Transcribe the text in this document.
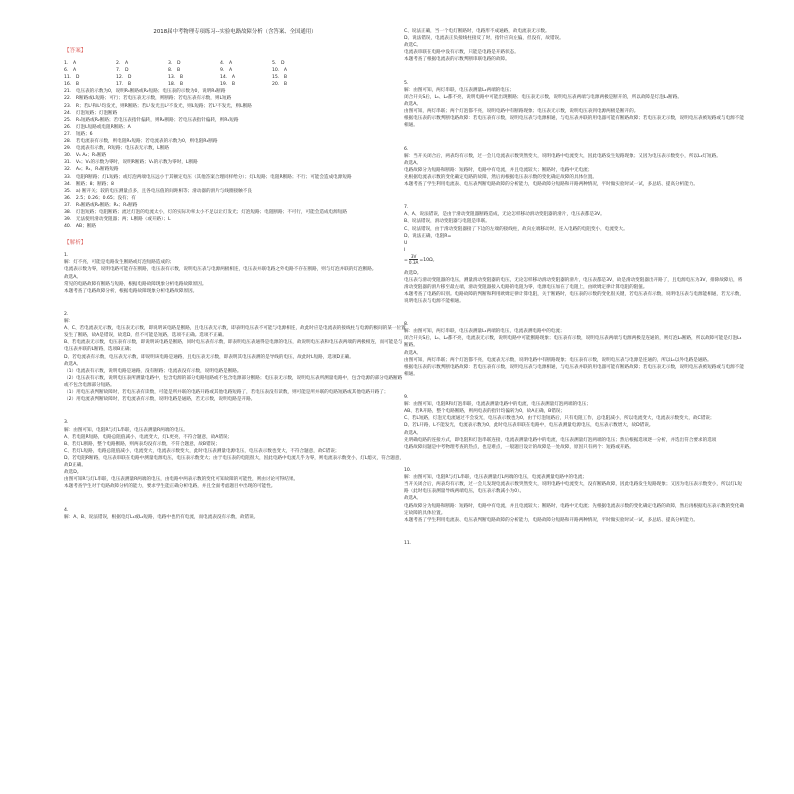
2018届中考物理专项练习--实验电路故障分析（含答案、全国通用）
【答案】
1.　A	2.　A	3.　D	4.　A	5.　D
6.　A	7.　D	8.　B	9.　A	10.　A
11.　D	12.　D	13.　B	14.　A	15.　B
16.　B	17.　B	18.　B	19.　B	20.　B

21.　电压表的示数为0，说明R₁断路或R₂短路；电压表的示数为0，说明R₁断路

22.　R断路或L短路；可行；若电压表无示数，则断路；若电压表有示数，则L短路

23.　R；若L¹和L¹均发光，则R断路；若L¹发光且L²不发光，则L短路；若L¹不发光，则L断路

24.　灯泡短路；灯泡断路

25.　R₁短路或R₂断路；若电压表指针偏转，则R₂断路；若电压表指针偏转，则R₁短路

26.　灯泡L短路或电阻R断路；A

27.　短路；6

28.　若电流表有示数，则电阻R₁短路；若电流表的示数为0，则电阻R₂断路

29.　电流表有示数，R短路；电压表无示数，L断路

30.　V₁ A₂；R₁断路

31.　V₁；V₁的示数为零时，说明R断路；V₁的示数为零时，L断路

32.　A₂；R₁，R₁断路短路

33.　电阻R断路；灯L短路；或灯泡两端电压远小于其额定电压（其他答案合理同样给分）；灯L短路；电阻R断路；不行；可能会造成电源短路

34.　断路；8；断路；8

35.　a) 断开关；较的电压测量点多，且各电压值的间距相等；滑动器的滑片与线圈接触不良

36.　2.5；0.26；0.65；没有；有

37.　R₁断路或R₂断路；R₁；R₂断路

38.　灯泡短路；电阻断路；流过灯泡的电流太小，灯的实际功率太小不足以让灯发光；灯泡短路；电阻断路；不可行，可能会造成电源短路

39.　无法使用滑动变阻器；两；L断路（或开路）；L

40.　AB；断路

【解析】

1.

解：灯不亮，可能是电路发生断路或灯泡短路造成的；

电流表示数为零，说明电路可能存在断路，电压表有示数，说明电压表与电源两极相连，电压表并联电路之外电路不存在断路，则与灯泡并联的灯泡断路。

故选A。

常见的电路故障有断路与短路，根据电路故障现象分析电路故障原因。

本题考查了电路故障分析，根据电路故障现象分析电路故障原因。

2.

解：

A、C、若电流表无示数，电压表无示数，即说明该电路是断路，且电压表无示数，即表明电压表不可能与电源相连，故此时应是电流表的接线柱与电源的极间的某一位置发生了断路，故A是错误，故选D，但不可能是短路，选项不正确。选项不正确。

B、若电流表无示数，电压表有示数，即说明该电路是断路，同时电压表有示数，即表明电压表通得是电源的电压，故说明电压表和电压表两端的两极相连，而可能是与电压表并联的L断路，选项B正确；

D、若电流表有示数，电压表无示数，即说明该电路是通路，且电压表无示数，即表明其电压表测的是导线的电压，故此时L短路，选项D正确。

故选A。

（1）电流表有示数，说明电路是通路，没有断路；电流表没有示数，说明电路是断路。

（2）电压表有示数，说明电压表所测量电路中，包含电源的部分电路短路或不包含电源部分断路；电压表无示数，说明电压表所测量电路中，包含电源的部分电路断路或不包含电源部分短路。

（1）用电压表判断故障时，若电压表有读数，可能是所并联的电路开路或其他电路短路了，若电压表没有读数，则可能是所并联的电路短路或其他电路开路了；

（2）用电流表判断故障时，若电流表有示数，说明电路是通路，若无示数，说明电路是开路。

3.

解：由图可知，电阻R与灯L串联，电压表测量R两端的电压。

A、若电阻R短路，电路总阻值减小，电流变大，灯L更亮，不符合题意，故A错误；

B、若灯L断路，整个电路断路，则两表均没有示数，不符合题意，故B错误；

C、若灯L短路，电路总阻值减小，电流变大，电流表示数变大，此时电压表测量电源电压，电压表示数也变大，不符合题意，故C错误；

D、若电阻R断路，电压表串联在电路中测量电源电压，电压表示数变大；由于电压表的电阻很大，因此电路中电流几乎为零，则电流表示数变小，灯L熄灭，符合题意，故D正确。

故选D。

由图可知R与灯L串联，电压表测量R两端的电压，由电路中两表示数的变化可知故障的可能性，则由讨论可得结果。

本题考查学生对于电路故障分析的能力，要求学生能正确分析电路，并且全面考虑题目中出现的可能性。

4.

解：A、B、说法错误，根据电灯L₁或L₂短路，电路中也仍有电流，而电流表没有示数，故错误。

C、说法正确，当一个电灯断路时，电路形不成通路，故电流表无示数。

D、说法错误，电流表正负接线柱接反了时，指针应向左偏，但没有，故错误。

故选C。

电流表串联在电路中没有示数，只能是电路是开路状态。

本题考查了根据电流表的示数判断串联电路的故障。

5.

解：由图可知，两灯串联，电压表测量L₂两端的电压；

闭合开关S后，L₁、L₂都不亮，说明电路中可能出现断路；电压表无示数，说明电压表两端与电源两极是断开的，所以故障是灯泡L₁断路。

故选A。

由图可知，两灯串联；两个灯泡都不亮，说明电路中有断路现象；电压表无示数，说明电压表到电源两极是断开的。

根据电压表的示数判断电路故障：若电压表有示数，说明电压表与电源相通，与电压表并联的用电器可能有断路故障；若电压表无示数，说明电压表被短路或与电源不能相通。

6.

解：当开关闭合后，两表均有示数，过一会儿电流表示数突然变大，说明电路中电流变大，因此电路发生短路现象；又因为电压表示数变小，所以L₁灯短路。

故选A。

电路故障分为短路和断路：短路时，电路中有电流，并且电流较大；断路时，电路中无电流；

先根据电流表示数的变化确定电路的故障，然后再根据电压表示数的变化确定故障的具体位置。

本题考查了学生利用电流表、电压表判断电路故障的分析能力，电路故障分短路和开路两种情况，平时做实验时试一试，多总结、提高分析能力。

7.

A、A、说法错误，是由于滑动变阻器断路造成，无论怎样移动滑动变阻器的滑片，电压表都是3V。

B、说法错误，滑动变阻器与电阻是串联。

C、说法错误，由于滑动变阻器接了下边的左端的接线柱，故向左端移动时，连入电路的电阻变小，电流变大。

D、说法正确，电阻R=

U
I
= $\frac{3V}{0.3A} =10\Omega$。

故选D。

电压表与滑动变阻器的电压，测量滑动变阻器的电压，无论怎样移动滑动变阻器的滑片，电压表都是3V，故是滑动变阻器出开路了，且电源电压为3V，排除故障后，将滑动变阻器的滑片移至最左端，滑动变阻器接入电路的电阻为零，电源电压加在了电阻上，由欧姆定律计算电阻的阻值。

本题考查了电路的识别。电路故障的判断和利用欧姆定律计算电阻，关于断路时，电压表的示数的变化很关键，若电压表有示数，说明电压表与电源能相通，若无示数，说明电压表与电源不能相通。

8.

解：由图可知，两灯串联，电压表测量L₁两端的电压，电流表测电路中的电流；

闭合开关S后，L₁、L₂都不亮，电流表无示数，说明电路中可能断路现象；电压表有示数，说明电压表两端与电源两极是连通的，则灯泡L₁断路，所以故障可能是灯泡L₁断路。

故选A。

由图可知，两灯串联；两个灯泡都不亮，电流表无示数，说明电路中有断路现象；电压表有示数，说明电压表与电源是连通的，所以L₁以外电路是通路。

根据电压表的示数判断电路故障：若电压表有示数，说明电压表与电源相通，与电压表并联的用电器可能有断路故障；若电压表无示数，说明电压表被短路或与电源不能相通。

9.

解：由图可知，电阻R和灯泡串联，电流表测量电路中的电流，电压表测量灯泡两端的电压；

AB、若R开路，整个电路断路，则两电表的指针均偏转为0，故A正确，B错误；

C、若L短路，灯泡无电流通过不会发光，电压表示数也为0，由于灯泡短路后，只有电阻工作，总电阻减小，所以电流变大，电流表示数变大，故C错误；

D、若L开路，L不能发光，电流表示数为0，此时电压表串联在电路中，电压表测量电源电压，电压表示数增大，故D错误。

故选A。

先明确电路的连接方式，即电阻和灯泡串联连接，电流表测量电路中的电流，电压表测量灯泡两端的电压；然后根据选项逐一分析，并选出符合要求的选项

电路故障问题是中考物理考查的热点，也是难点，一般题目设计的故障是一处故障，原因只有两个：短路或开路。

10.

解：由图可知，电阻R与灯L串联，电压表测量灯L两端的电压，电流表测量电路中的电流；

当开关闭合后，两表均有示数，过一会儿发现电流表示数突然变大，说明电路中电流变大，没有断路故障，因此电路发生短路现象；又因为电压表示数变小，所以灯L短路（此时电压表测量导线两端电压，电压表示数减小为0）。

故选A。

电路故障分为短路和断路：短路时，电路中有电流，并且电流较大；断路时，电路中无电流；先根据电流表示数的变化确定电路的故障，然后再根据电压表示数的变化确定故障的具体位置。

本题考查了学生利用电流表、电压表判断电路故障的分析能力，电路故障分短路和开路两种情况，平时做实验时试一试，多总结、提高分析能力。

11.
